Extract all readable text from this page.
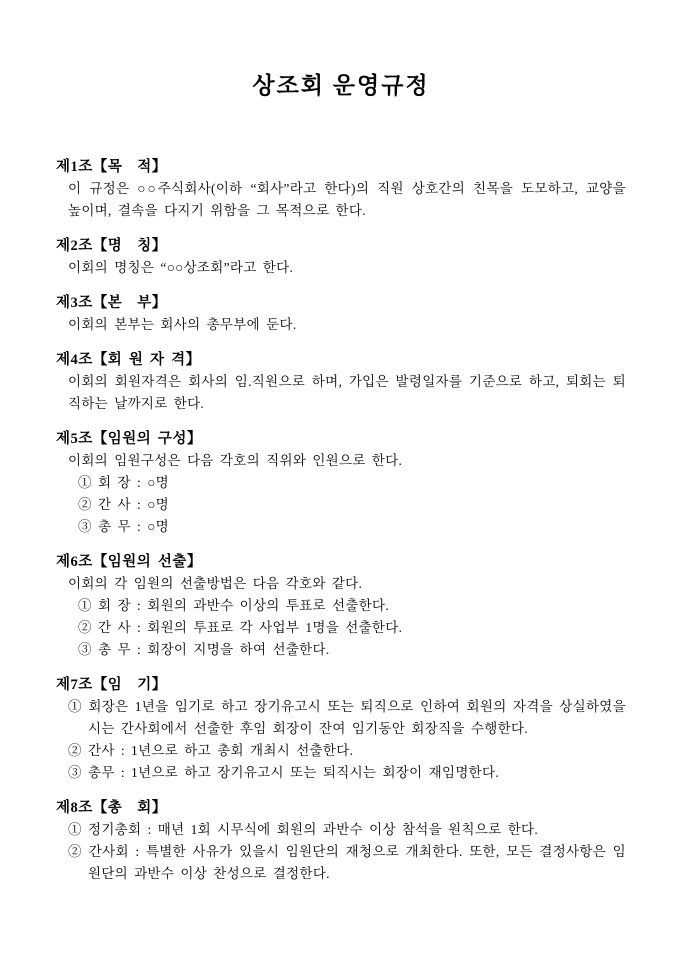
상조회 운영규정
제1조【목　적】

이 규정은 ○○주식회사(이하 “회사”라고 한다)의 직원 상호간의 친목을 도모하고, 교양을 높이며, 결속을 다지기 위함을 그 목적으로 한다.

제2조【명　칭】

이회의 명칭은 “○○상조회”라고 한다.

제3조【본　부】

이회의 본부는 회사의 총무부에 둔다.

제4조【회 원 자 격】

이회의 회원자격은 회사의 임.직원으로 하며, 가입은 발령일자를 기준으로 하고, 퇴회는 퇴직하는 날까지로 한다.

제5조【임원의 구성】

이회의 임원구성은 다음 각호의 직위와 인원으로 한다.

① 회 장 : ○명
② 간 사 : ○명
③ 총 무 : ○명
제6조【임원의 선출】

이회의 각 임원의 선출방법은 다음 각호와 같다.

① 회 장 : 회원의 과반수 이상의 투표로 선출한다.
② 간 사 : 회원의 투표로 각 사업부 1명을 선출한다.
③ 총 무 : 회장이 지명을 하여 선출한다.
제7조【임　기】
① 회장은 1년을 임기로 하고 장기유고시 또는 퇴직으로 인하여 회원의 자격을 상실하였을시는 간사회에서 선출한 후임 회장이 잔여 임기동안 회장직을 수행한다.
② 간사 : 1년으로 하고 총회 개최시 선출한다.
③ 총무 : 1년으로 하고 장기유고시 또는 퇴직시는 회장이 재임명한다.
제8조【총　회】
① 정기총회 : 매년 1회 시무식에 회원의 과반수 이상 참석을 원칙으로 한다.
② 간사회 : 특별한 사유가 있을시 임원단의 재청으로 개최한다. 또한, 모든 결정사항은 임원단의 과반수 이상 찬성으로 결정한다.
